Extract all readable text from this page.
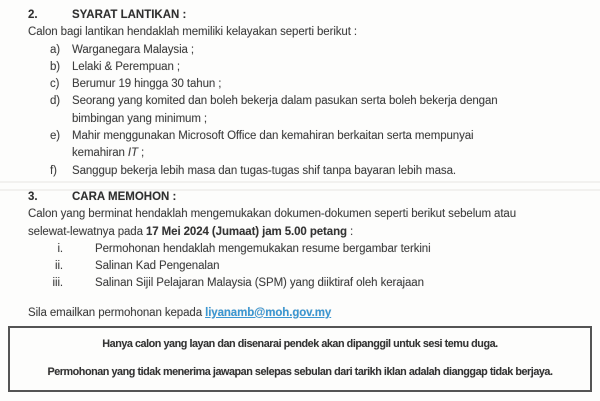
2.	SYARAT LANTIKAN :

Calon bagi lantikan hendaklah memiliki kelayakan seperti berikut :

a)	Warganegara Malaysia ;
b)	Lelaki & Perempuan ;
c)	Berumur 19 hingga 30 tahun ;
d)	Seorang yang komited dan boleh bekerja dalam pasukan serta boleh bekerja dengan
bimbingan yang minimum ;
e)	Mahir menggunakan Microsoft Office dan kemahiran berkaitan serta mempunyai
kemahiran IT ;
f)	Sanggup bekerja lebih masa dan tugas-tugas shif tanpa bayaran lebih masa.
3.	CARA MEMOHON :

Calon yang berminat hendaklah mengemukakan dokumen-dokumen seperti berikut sebelum atau
selewat-lewatnya pada 17 Mei 2024 (Jumaat) jam 5.00 petang :

i.	Permohonan hendaklah mengemukakan resume bergambar terkini
ii.	Salinan Kad Pengenalan
iii.	Salinan Sijil Pelajaran Malaysia (SPM) yang diiktiraf oleh kerajaan

Sila emailkan permohonan kepada liyanamb@moh.gov.my

Hanya calon yang layan dan disenarai pendek akan dipanggil untuk sesi temu duga.

Permohonan yang tidak menerima jawapan selepas sebulan dari tarikh iklan adalah dianggap tidak berjaya.
